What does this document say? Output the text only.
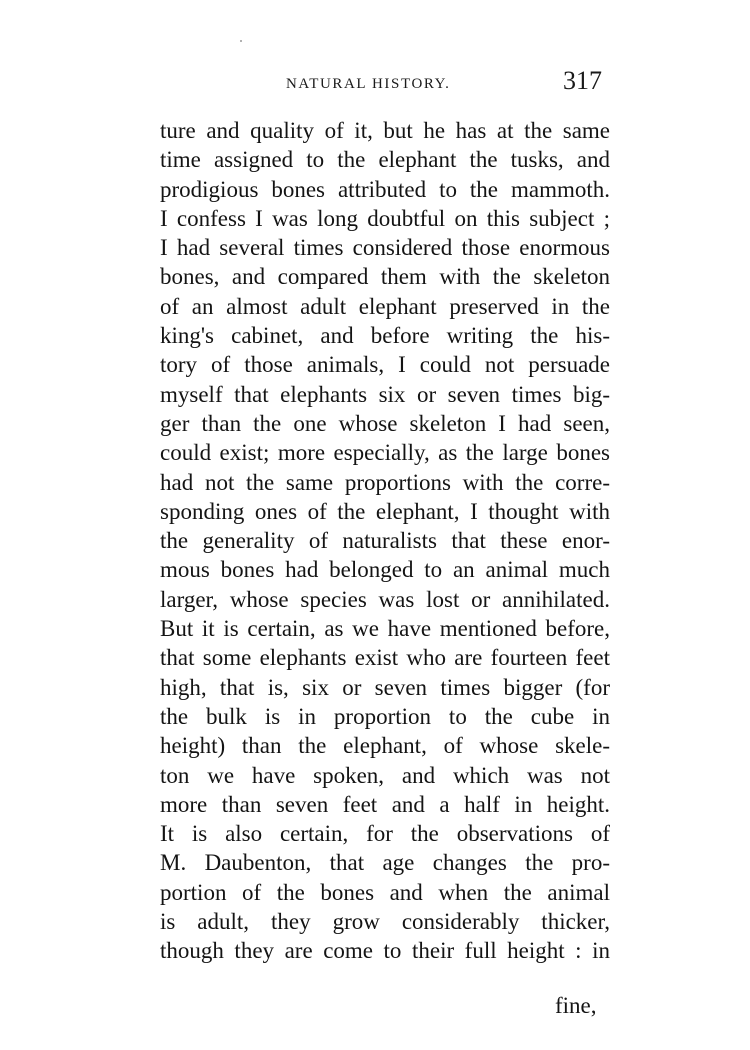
NATURAL HISTORY.	317
ture and quality of it, but he has at the same
time assigned to the elephant the tusks, and
prodigious bones attributed to the mammoth.
I confess I was long doubtful on this subject ;
I had several times considered those enormous
bones, and compared them with the skeleton
of an almost adult elephant preserved in the
king's cabinet, and before writing the his-
tory of those animals, I could not persuade
myself that elephants six or seven times big-
ger than the one whose skeleton I had seen,
could exist; more especially, as the large bones
had not the same proportions with the corre-
sponding ones of the elephant, I thought with
the generality of naturalists that these enor-
mous bones had belonged to an animal much
larger, whose species was lost or annihilated.
But it is certain, as we have mentioned before,
that some elephants exist who are fourteen feet
high, that is, six or seven times bigger (for
the bulk is in proportion to the cube in
height) than the elephant, of whose skele-
ton we have spoken, and which was not
more than seven feet and a half in height.
It is also certain, for the observations of
M. Daubenton, that age changes the pro-
portion of the bones and when the animal
is adult, they grow considerably thicker,
though they are come to their full height : in
fine,
